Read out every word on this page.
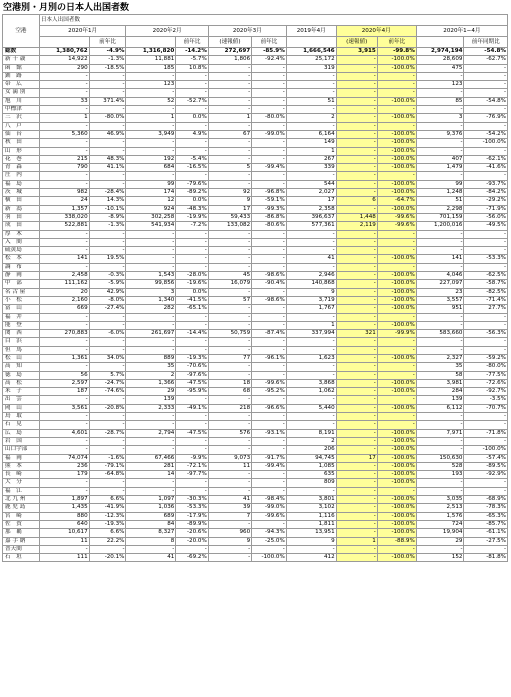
空港別・月別の日本人出国者数
空港	日本人出国者数										
	2020年1月		2020年2月		2020年3月		2019年4月	2020年4月		2020年1−4月	
		前年比		前年比	(速報値)	前年比		(速報値)	前年比		前年同期比
総数	1,380,762	-4.9%	1,316,820	-14.2%	272,697	-85.9%	1,666,546	3,915	-99.8%	2,974,194	-54.8%
新 千 歳	14,922	-1.3%	11,881	-5.7%	1,806	-92.4%	25,172	-	-100.0%	28,609	-62.7%
函　館	290	-18.5%	185	10.8%	-	-	319	-	-100.0%	475	-
釧　路	-	-	-	-	-	-	-	-	-	-	-
帯　広	-	-	123	-	-	-	-	-	-	123	-
女 満 別	-	-	-	-	-	-	-	-	-	-	-
旭　川	33	371.4%	52	-52.7%	-	-	51	-	-100.0%	85	-54.8%
中標津	-	-	-	-	-	-	-	-	-	-	-
三　沢	1	-80.0%	1	0.0%	1	-80.0%	2	-	-100.0%	3	-76.9%
八　戸	-	-	-	-	-	-	-	-	-	-	-
仙　台	5,360	46.9%	3,949	4.9%	67	-99.0%	6,164	-	-100.0%	9,376	-54.2%
秋　田	-	-	-	-	-	-	149	-	-100.0%	-	-100.0%
山　形	-	-	-	-	-	-	1	-	-100.0%	-	-
花　巻	215	48.3%	192	-5.4%	-	-	267	-	-100.0%	407	-62.1%
青　森	790	41.1%	684	-16.5%	5	-99.4%	339	-	-100.0%	1,479	-41.6%
庄　内	-	-	-	-	-	-	-	-	-	-	-
福　島	-	-	99	-79.6%	-	-	544	-	-100.0%	99	-93.7%
茨　城	982	-28.4%	174	-89.2%	92	-96.8%	2,027	-	-100.0%	1,248	-84.2%
横　田	24	14.3%	12	0.0%	9	-59.1%	17	6	-64.7%	51	-29.2%
新　潟	1,357	-10.1%	924	-48.3%	17	-99.3%	2,358	-	-100.0%	2,298	-71.9%
羽　田	338,020	-8.9%	302,258	-19.9%	59,433	-86.8%	396,637	1,448	-99.6%	701,159	-56.0%
成　田	522,881	-1.3%	541,934	-7.2%	133,082	-80.6%	577,361	2,119	-99.6%	1,200,016	-49.5%
厚　木	-	-	-	-	-	-	-	-	-	-	-
入　間	-	-	-	-	-	-	-	-	-	-	-
硫黄島	-	-	-	-	-	-	-	-	-	-	-
松　本	141	19.5%	-	-	-	-	41	-	-100.0%	141	-53.3%
調　布	-	-	-	-	-	-	-	-	-	-	-
静　岡	2,458	-0.3%	1,543	-28.0%	45	-98.6%	2,946	-	-100.0%	4,046	-62.5%
中　部	111,162	-5.9%	99,856	-19.6%	16,079	-90.4%	140,868	-	-100.0%	227,097	-58.7%
名 古 屋	20	42.9%	3	0.0%	-	-	9	-	-100.0%	23	-82.5%
小　松	2,160	-8.0%	1,340	-41.5%	57	-98.6%	3,719	-	-100.0%	3,557	-71.4%
富　山	669	-27.4%	282	-65.1%	-	-	1,767	-	-100.0%	951	27.7%
福　井	-	-	-	-	-	-	-	-	-	-	-
能　登	-	-	-	-	-	-	1	-	-100.0%	-	-
関　西	270,883	-6.0%	261,697	-14.4%	50,759	-87.4%	337,994	321	-99.9%	583,660	-56.3%
白　浜	-	-	-	-	-	-	-	-	-	-	-
但　馬	-	-	-	-	-	-	-	-	-	-	-
松　山	1,361	34.0%	889	-19.3%	77	-96.1%	1,623	-	-100.0%	2,327	-59.2%
高　知	-	-	35	-70.6%	-	-	-	-	-	35	-80.0%
徳　島	56	5.7%	2	-97.6%	-	-	-	-	-	58	-77.5%
高　松	2,597	-24.7%	1,366	-47.5%	18	-99.6%	3,868	-	-100.0%	3,981	-72.6%
米　子	187	-74.6%	29	-95.9%	68	-95.2%	1,062	-	-100.0%	284	-92.7%
出　雲	-	-	139	-	-	-	-	-	-	139	-3.5%
岡　山	3,561	-20.8%	2,333	-49.1%	218	-96.6%	5,440	-	-100.0%	6,112	-70.7%
鳥　取	-	-	-	-	-	-	-	-	-	-	-
石　見	-	-	-	-	-	-	-	-	-	-	-
広　島	4,601	-28.7%	2,794	-47.5%	576	-93.1%	8,191	-	-100.0%	7,971	-71.8%
岩　国	-	-	-	-	-	-	2	-	-100.0%	-	-
山口宇部	-	-	-	-	-	-	206	-	-100.0%	-	-100.0%
福　岡	74,074	-1.6%	67,466	-9.9%	9,073	-91.7%	94,745	17	-100.0%	150,630	-57.4%
熊　本	236	-79.1%	281	-72.1%	11	-99.4%	1,085	-	-100.0%	528	-89.5%
長　崎	179	-64.8%	14	-97.7%	-	-	635	-	-100.0%	193	-92.9%
大　分	-	-	-	-	-	-	809	-	-100.0%	-	-
福　江	-	-	-	-	-	-	-	-	-	-	-
北 九 州	1,897	6.6%	1,097	-30.3%	41	-98.4%	3,801	-	-100.0%	3,035	-68.9%
鹿 児 島	1,435	-41.9%	1,036	-53.3%	39	-99.0%	3,102	-	-100.0%	2,513	-78.3%
宮　崎	880	-12.3%	689	-17.9%	7	-99.6%	1,116	-	-100.0%	1,576	-65.3%
佐　賀	640	-19.3%	84	-89.9%	-	-	1,811	-	-100.0%	724	-85.7%
那　覇	10,617	6.6%	8,327	-20.6%	960	-94.3%	13,951	-	-100.0%	19,904	-61.1%
嘉 手 納	11	22.2%	8	-20.0%	9	-25.0%	9	1	-88.9%	29	-27.5%
普天間	-	-	-	-	-	-	-	-	-	-	-
石　垣	111	-20.1%	41	-69.2%	-	-100.0%	412	-	-100.0%	152	-81.8%
